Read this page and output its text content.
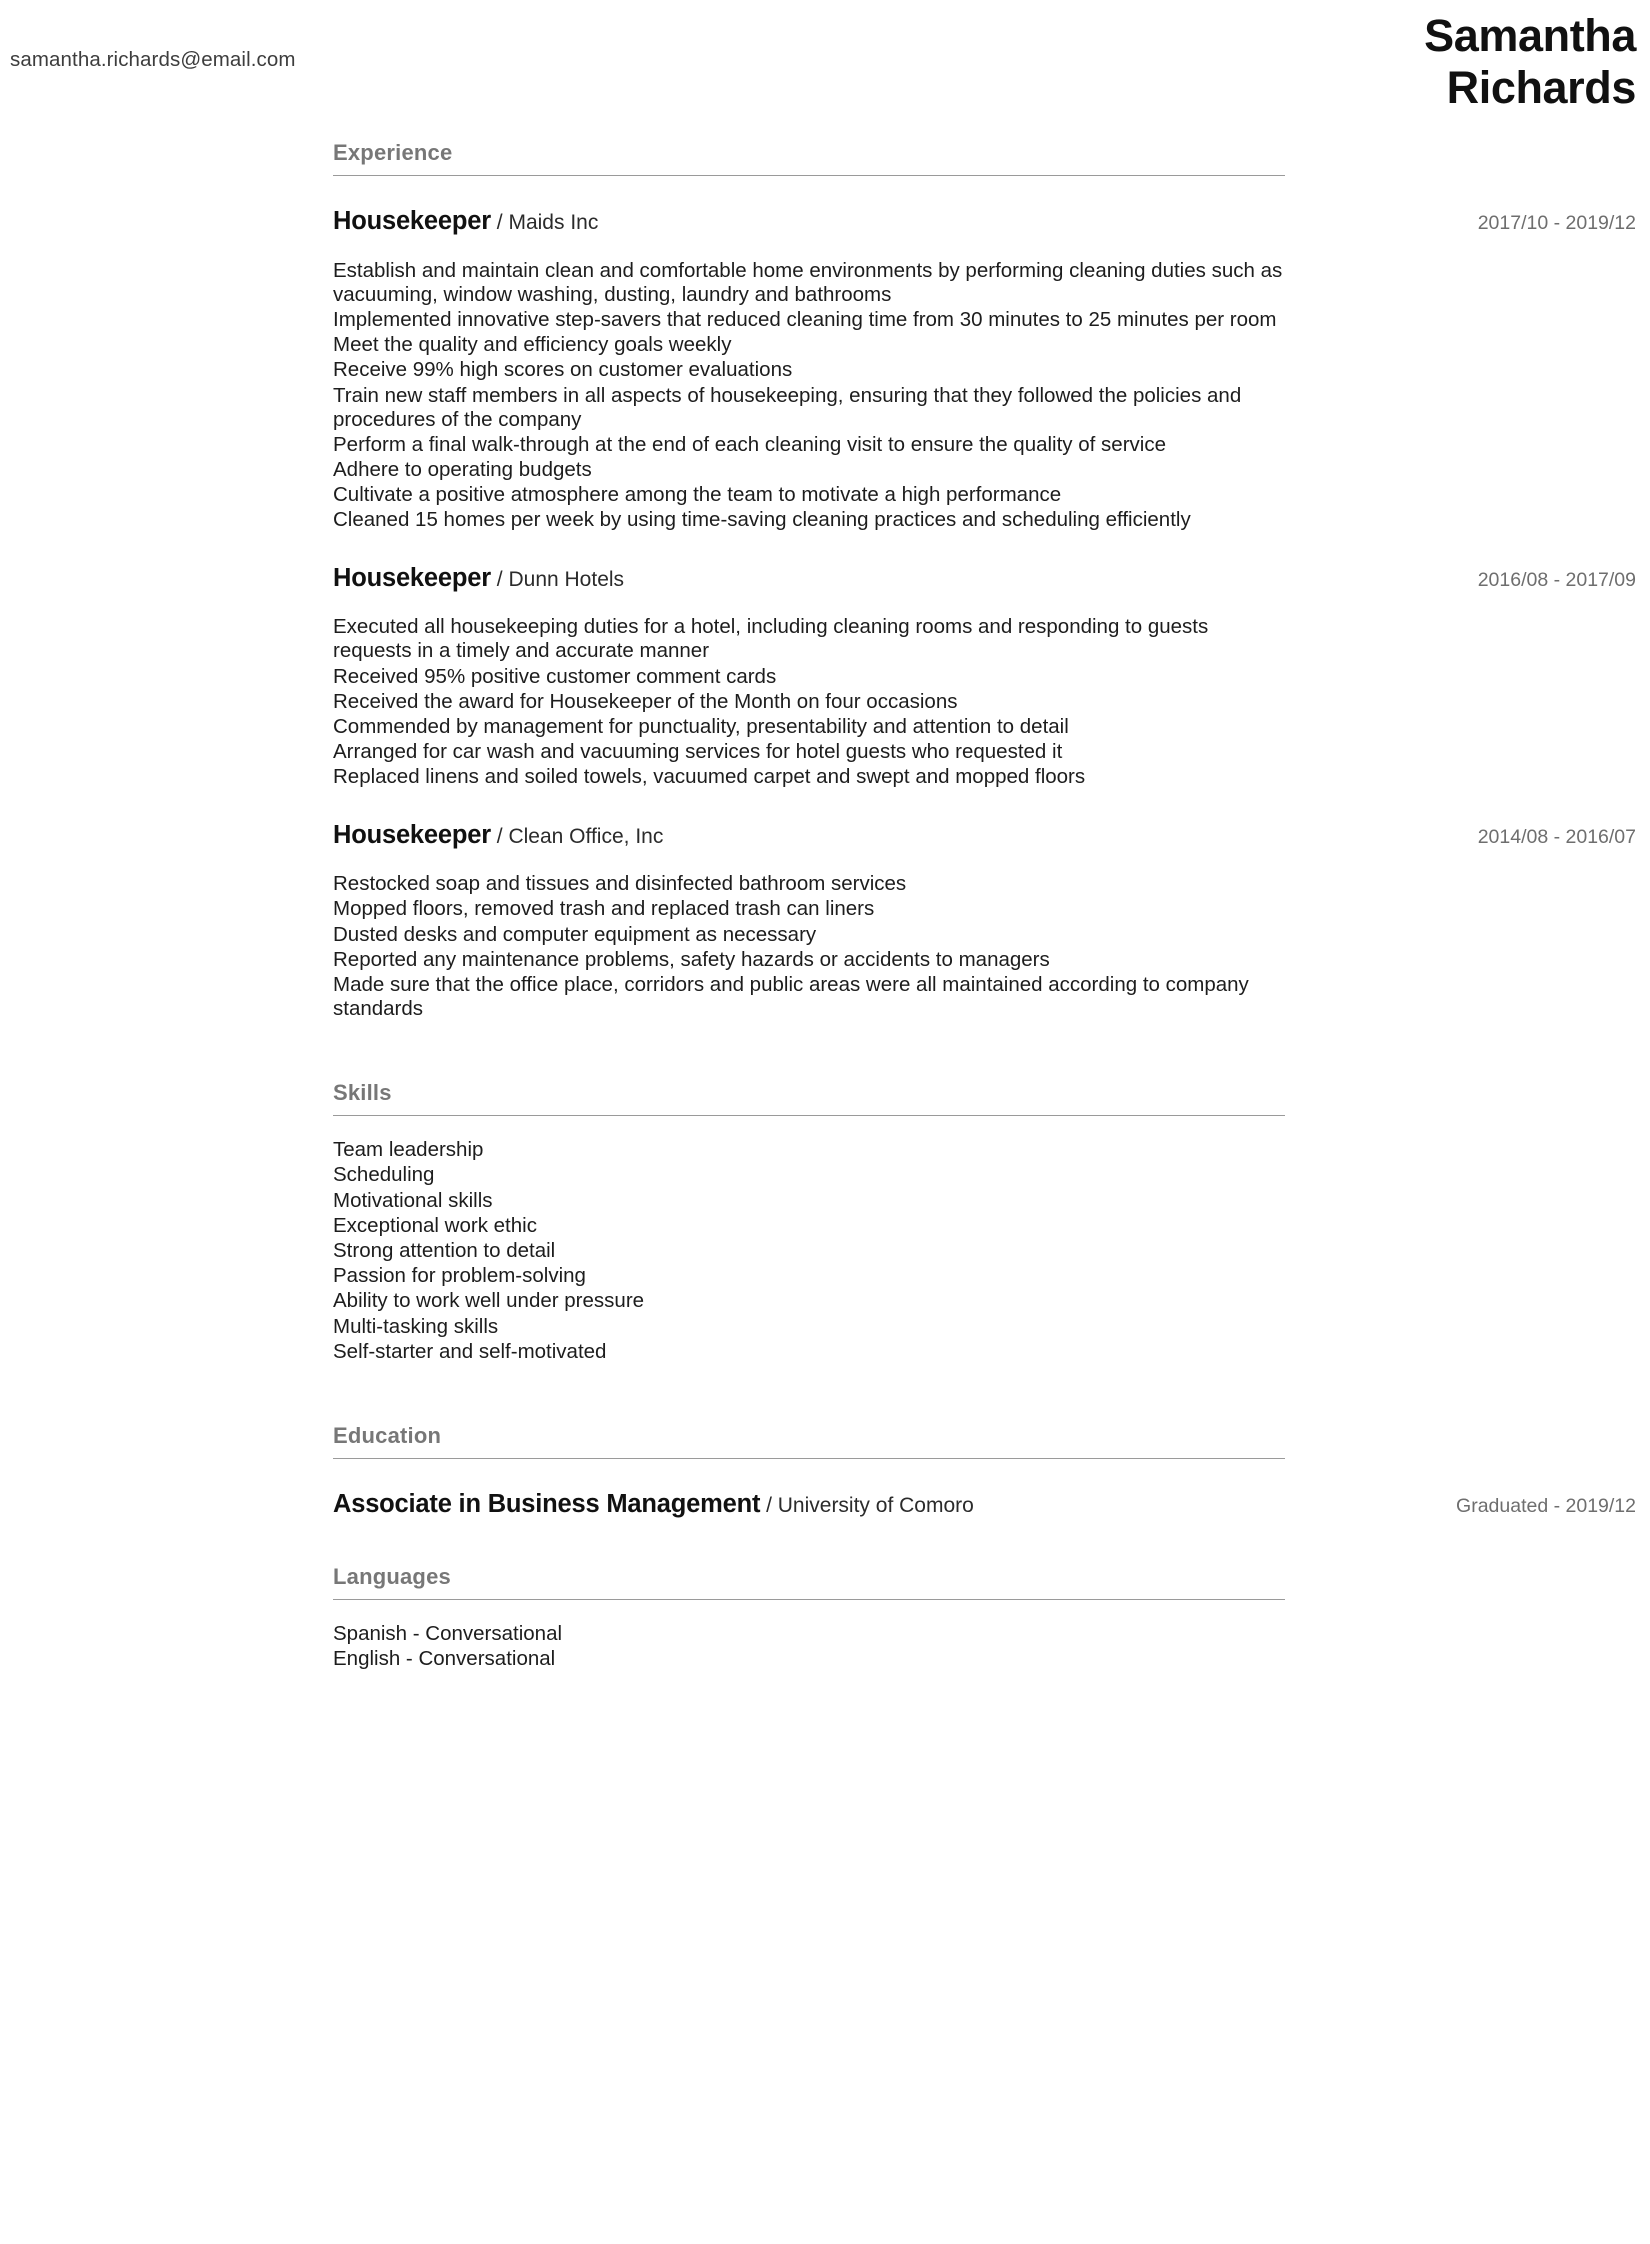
samantha.richards@email.com	Samantha
Richards
Experience
Housekeeper / Maids Inc	2017/10 - 2019/12
Establish and maintain clean and comfortable home environments by performing cleaning duties such as vacuuming, window washing, dusting, laundry and bathrooms
Implemented innovative step-savers that reduced cleaning time from 30 minutes to 25 minutes per room
Meet the quality and efficiency goals weekly
Receive 99% high scores on customer evaluations
Train new staff members in all aspects of housekeeping, ensuring that they followed the policies and procedures of the company
Perform a final walk-through at the end of each cleaning visit to ensure the quality of service
Adhere to operating budgets
Cultivate a positive atmosphere among the team to motivate a high performance
Cleaned 15 homes per week by using time-saving cleaning practices and scheduling efficiently
Housekeeper / Dunn Hotels	2016/08 - 2017/09
Executed all housekeeping duties for a hotel, including cleaning rooms and responding to guests requests in a timely and accurate manner
Received 95% positive customer comment cards
Received the award for Housekeeper of the Month on four occasions
Commended by management for punctuality, presentability and attention to detail
Arranged for car wash and vacuuming services for hotel guests who requested it
Replaced linens and soiled towels, vacuumed carpet and swept and mopped floors
Housekeeper / Clean Office, Inc	2014/08 - 2016/07
Restocked soap and tissues and disinfected bathroom services
Mopped floors, removed trash and replaced trash can liners
Dusted desks and computer equipment as necessary
Reported any maintenance problems, safety hazards or accidents to managers
Made sure that the office place, corridors and public areas were all maintained according to company standards
Skills
Team leadership
Scheduling
Motivational skills
Exceptional work ethic
Strong attention to detail
Passion for problem-solving
Ability to work well under pressure
Multi-tasking skills
Self-starter and self-motivated
Education
Associate in Business Management / University of Comoro	Graduated - 2019/12
Languages
Spanish - Conversational
English - Conversational
